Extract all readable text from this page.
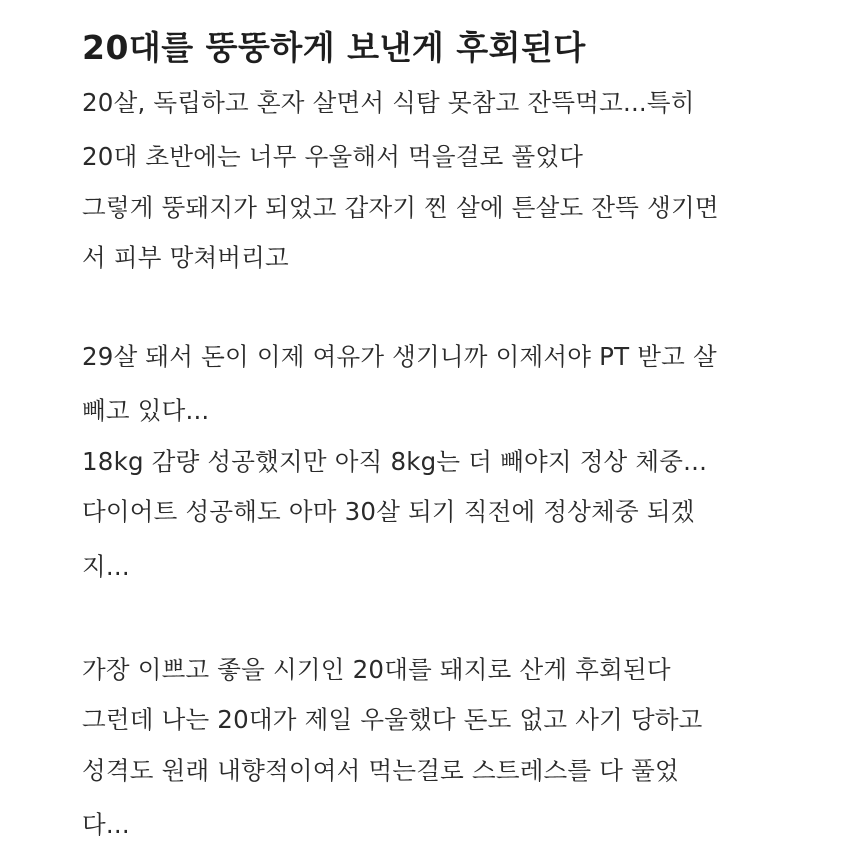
20대를 뚱뚱하게 보낸게 후회된다

20살, 독립하고 혼자 살면서 식탐 못참고 잔뜩먹고...특히

20대 초반에는 너무 우울해서 먹을걸로 풀었다

그렇게 뚱돼지가 되었고 갑자기 찐 살에 튼살도 잔뜩 생기면

서 피부 망쳐버리고

29살 돼서 돈이 이제 여유가 생기니까 이제서야 PT 받고 살

빼고 있다...

18kg 감량 성공했지만 아직 8kg는 더 빼야지 정상 체중...

다이어트 성공해도 아마 30살 되기 직전에 정상체중 되겠

지...

가장 이쁘고 좋을 시기인 20대를 돼지로 산게 후회된다

그런데 나는 20대가 제일 우울했다 돈도 없고 사기 당하고

성격도 원래 내향적이여서 먹는걸로 스트레스를 다 풀었

다...
